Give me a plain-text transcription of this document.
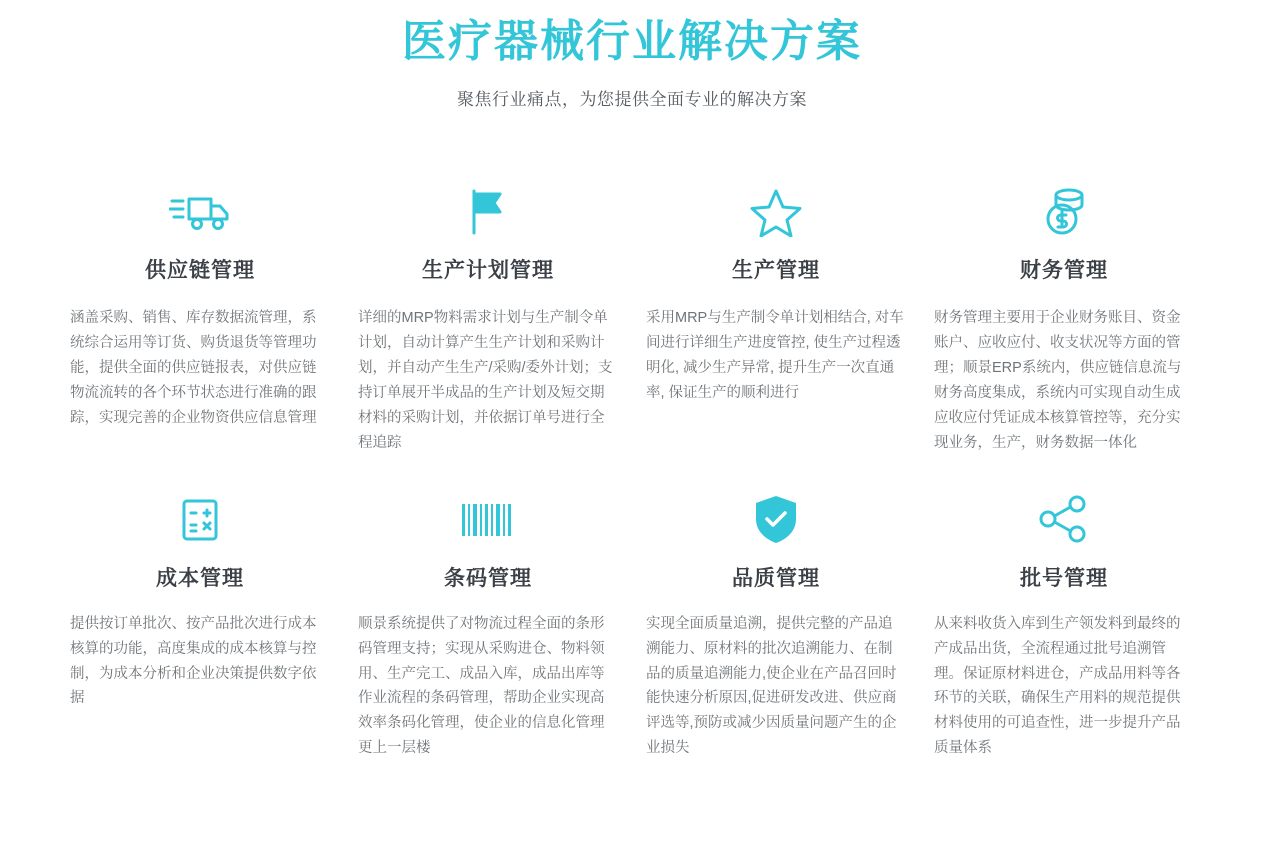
医疗器械行业解决方案

聚焦行业痛点，为您提供全面专业的解决方案

供应链管理

涵盖采购、销售、库存数据流管理，系统综合运用等订货、购货退货等管理功能，提供全面的供应链报表，对供应链物流流转的各个环节状态进行准确的跟踪，实现完善的企业物资供应信息管理

生产计划管理

详细的MRP物料需求计划与生产制令单计划，自动计算产生生产计划和采购计划，并自动产生生产/采购/委外计划；支持订单展开半成品的生产计划及短交期材料的采购计划，并依据订单号进行全程追踪

生产管理

采用MRP与生产制令单计划相结合, 对车间进行详细生产进度管控, 使生产过程透明化, 减少生产异常, 提升生产一次直通率, 保证生产的顺利进行

财务管理

财务管理主要用于企业财务账目、资金账户、应收应付、收支状况等方面的管理；顺景ERP系统内，供应链信息流与财务高度集成，系统内可实现自动生成应收应付凭证成本核算管控等，充分实现业务，生产，财务数据一体化

成本管理

提供按订单批次、按产品批次进行成本核算的功能，高度集成的成本核算与控制，为成本分析和企业决策提供数字依据

条码管理

顺景系统提供了对物流过程全面的条形码管理支持；实现从采购进仓、物料领用、生产完工、成品入库，成品出库等作业流程的条码管理，帮助企业实现高效率条码化管理，使企业的信息化管理更上一层楼

品质管理

实现全面质量追溯，提供完整的产品追溯能力、原材料的批次追溯能力、在制品的质量追溯能力,使企业在产品召回时能快速分析原因,促进研发改进、供应商评选等,预防或减少因质量问题产生的企业损失

批号管理

从来料收货入库到生产领发料到最终的产成品出货，全流程通过批号追溯管理。保证原材料进仓，产成品用料等各环节的关联，确保生产用料的规范提供材料使用的可追查性，进一步提升产品质量体系
